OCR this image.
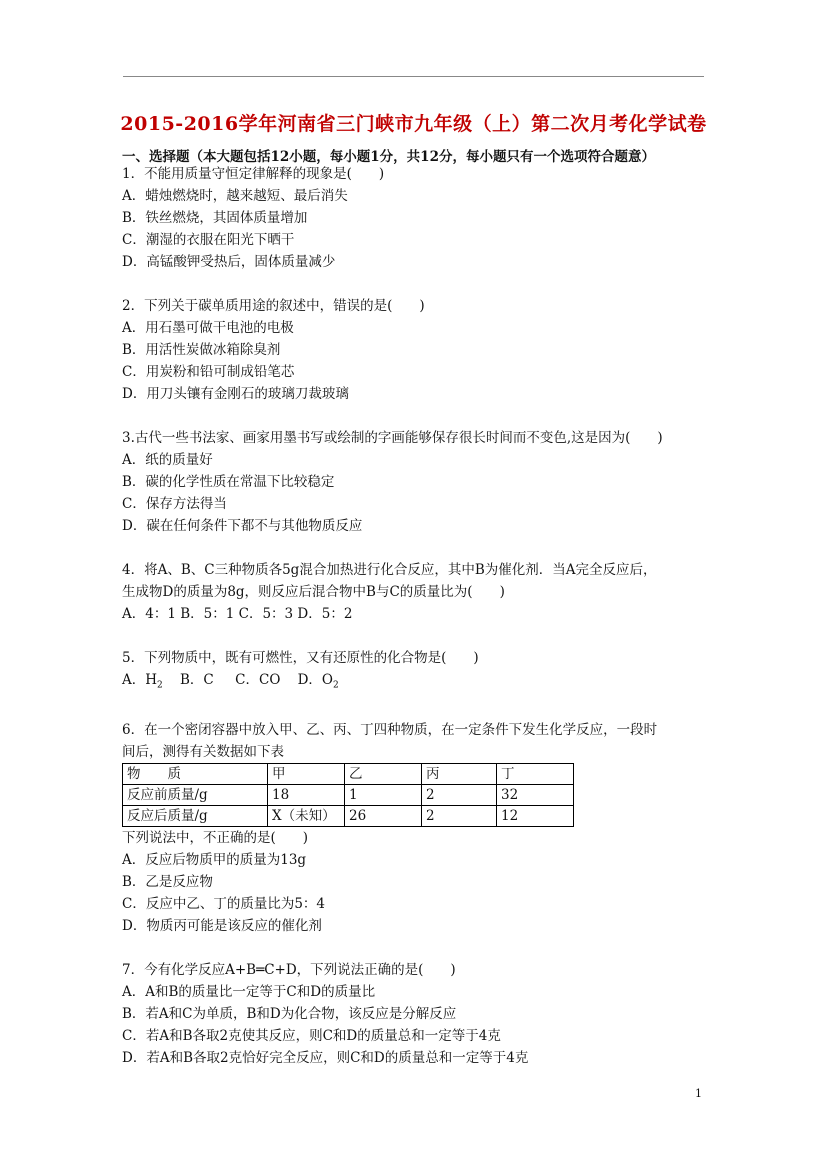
2015-2016学年河南省三门峡市九年级（上）第二次月考化学试卷
一、选择题（本大题包括12小题，每小题1分，共12分，每小题只有一个选项符合题意）
1．不能用质量守恒定律解释的现象是(　　)
A．蜡烛燃烧时，越来越短、最后消失
B．铁丝燃烧，其固体质量增加
C．潮湿的衣服在阳光下晒干
D．高锰酸钾受热后，固体质量减少
2．下列关于碳单质用途的叙述中，错误的是(　　)
A．用石墨可做干电池的电极
B．用活性炭做冰箱除臭剂
C．用炭粉和铅可制成铅笔芯
D．用刀头镶有金刚石的玻璃刀裁玻璃
3.古代一些书法家、画家用墨书写或绘制的字画能够保存很长时间而不变色,这是因为(　　)
A．纸的质量好
B．碳的化学性质在常温下比较稳定
C．保存方法得当
D．碳在任何条件下都不与其他物质反应
4．将A、B、C三种物质各5g混合加热进行化合反应，其中B为催化剂．当A完全反应后，
生成物D的质量为8g，则反应后混合物中B与C的质量比为(　　)
A．4：1 B．5：1 C．5：3 D．5：2
5．下列物质中，既有可燃性，又有还原性的化合物是(　　)
A．$H_2$ B．C C．CO D．$O_2$
6．在一个密闭容器中放入甲、乙、丙、丁四种物质，在一定条件下发生化学反应，一段时
间后，测得有关数据如下表
物　　质	甲	乙	丙	丁
反应前质量/g	18	1	2	32
反应后质量/g	X（未知）	26	2	12
下列说法中，不正确的是(　　)
A．反应后物质甲的质量为13g
B．乙是反应物
C．反应中乙、丁的质量比为5：4
D．物质丙可能是该反应的催化剂
7．今有化学反应A+B═C+D，下列说法正确的是(　　)
A．A和B的质量比一定等于C和D的质量比
B．若A和C为单质，B和D为化合物，该反应是分解反应
C．若A和B各取2克使其反应，则C和D的质量总和一定等于4克
D．若A和B各取2克恰好完全反应，则C和D的质量总和一定等于4克
1
